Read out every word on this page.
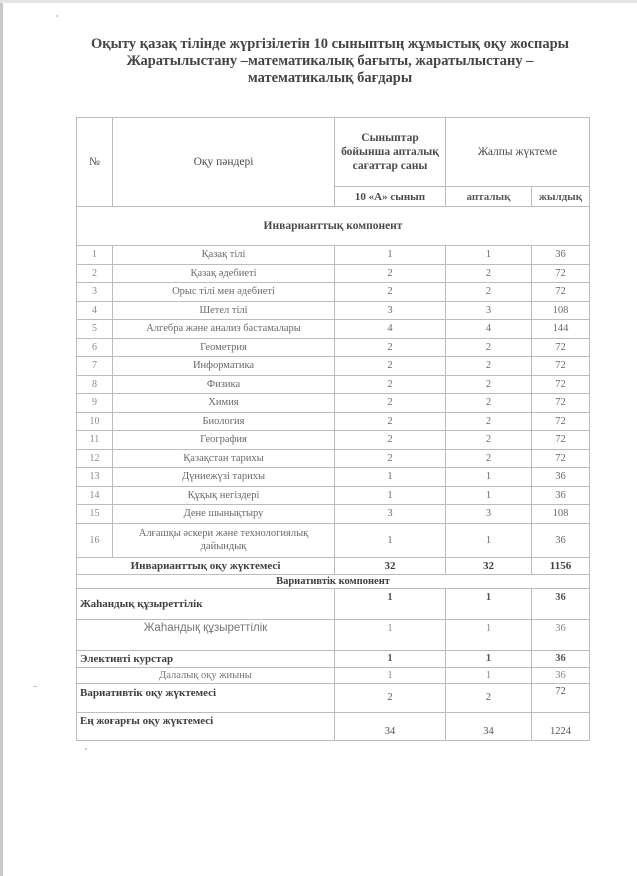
Оқыту қазақ тілінде жүргізілетін 10 сыныптың жұмыстық оқу жоспары
Жаратылыстану –математикалық бағыты, жаратылыстану –
математикалық бағдары
№	Оқу пәндері	Сыныптар бойынша апталық сағаттар саны	Жалпы жүктеме	
		10 «А» сынып	апталық	жылдық
Инварианттық компонент				
1	Қазақ тілі	1	1	36
2	Қазақ әдебиеті	2	2	72
3	Орыс тілі мен әдебиеті	2	2	72
4	Шетел тілі	3	3	108
5	Алгебра және анализ бастамалары	4	4	144
6	Геометрия	2	2	72
7	Информатика	2	2	72
8	Физика	2	2	72
9	Химия	2	2	72
10	Биология	2	2	72
11	География	2	2	72
12	Қазақстан тарихы	2	2	72
13	Дүниежүзі тарихы	1	1	36
14	Құқық негіздері	1	1	36
15	Дене шынықтыру	3	3	108
16	Алғашқы әскери және технологиялық дайындық	1	1	36
Инварианттық оқу жүктемесі		32	32	1156
Вариативтік компонент				
Жаһандық құзыреттілік		1	1	36
Жаһандық құзыреттілік		1	1	36
Элективті курстар		1	1	36
Далалық оқу жиыны		1	1	36
Вариативтік оқу жүктемесі		2	2	72
Ең жоғарғы оқу жүктемесі		34	34	1224
